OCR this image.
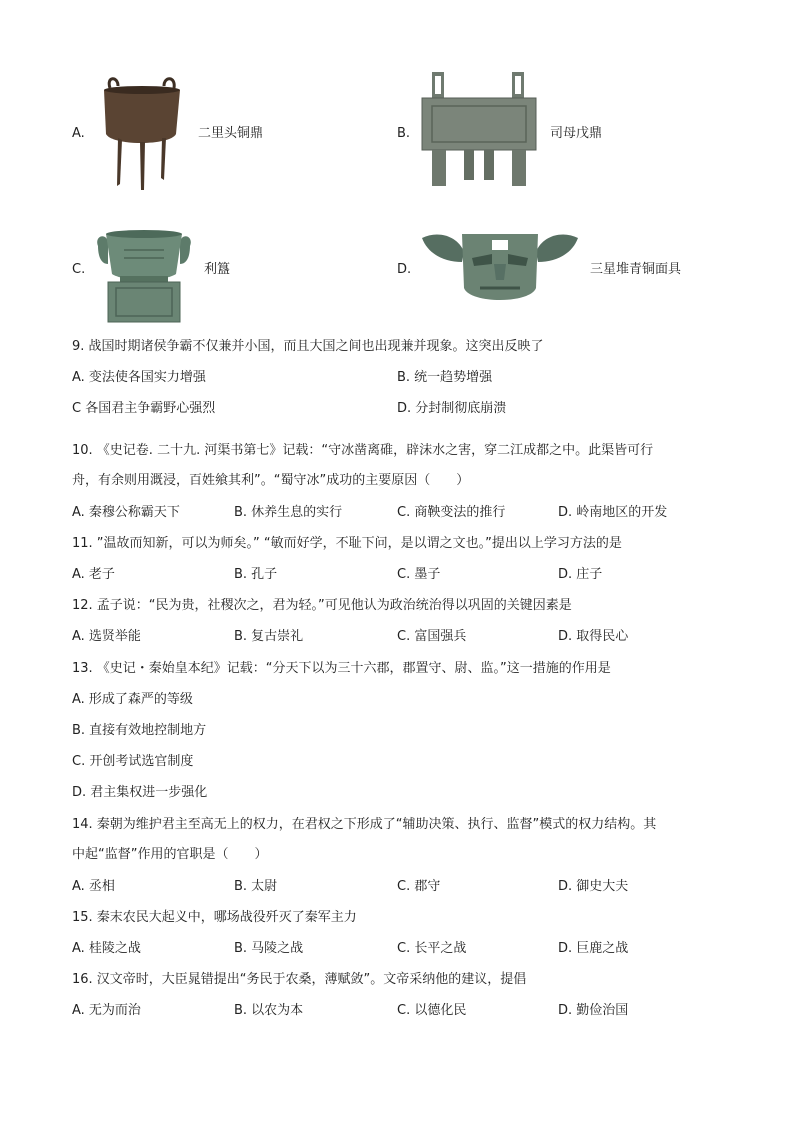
A.	二里头铜鼎	B.	司母戊鼎
C.	利簋	D.	三星堆青铜面具
9. 战国时期诸侯争霸不仅兼并小国，而且大国之间也出现兼并现象。这突出反映了
A. 变法使各国实力增强	B. 统一趋势增强
C 各国君主争霸野心强烈	D. 分封制彻底崩溃
10. 《史记卷. 二十九. 河渠书第七》记载：“守冰凿离碓，辟沫水之害，穿二江成都之中。此渠皆可行
舟，有余则用溉浸，百姓飨其利”。“蜀守冰”成功的主要原因（　　）
A. 秦穆公称霸天下	B. 休养生息的实行	C. 商鞅变法的推行	D. 岭南地区的开发
11. ”温故而知新，可以为师矣。” “敏而好学，不耻下问，是以谓之文也。”提出以上学习方法的是
A. 老子	B. 孔子	C. 墨子	D. 庄子
12. 孟子说：“民为贵，社稷次之，君为轻。”可见他认为政治统治得以巩固的关键因素是
A. 选贤举能	B. 复古崇礼	C. 富国强兵	D. 取得民心
13. 《史记・秦始皇本纪》记载：“分天下以为三十六郡，郡置守、尉、监。”这一措施的作用是
A. 形成了森严的等级
B. 直接有效地控制地方
C. 开创考试选官制度
D. 君主集权进一步强化
14. 秦朝为维护君主至高无上的权力，在君权之下形成了“辅助决策、执行、监督”模式的权力结构。其
中起“监督”作用的官职是（　　）
A. 丞相	B. 太尉	C. 郡守	D. 御史大夫
15. 秦末农民大起义中，哪场战役歼灭了秦军主力
A. 桂陵之战	B. 马陵之战	C. 长平之战	D. 巨鹿之战
16. 汉文帝时，大臣晁错提出“务民于农桑，薄赋敛”。文帝采纳他的建议，提倡
A. 无为而治	B. 以农为本	C. 以德化民	D. 勤俭治国
